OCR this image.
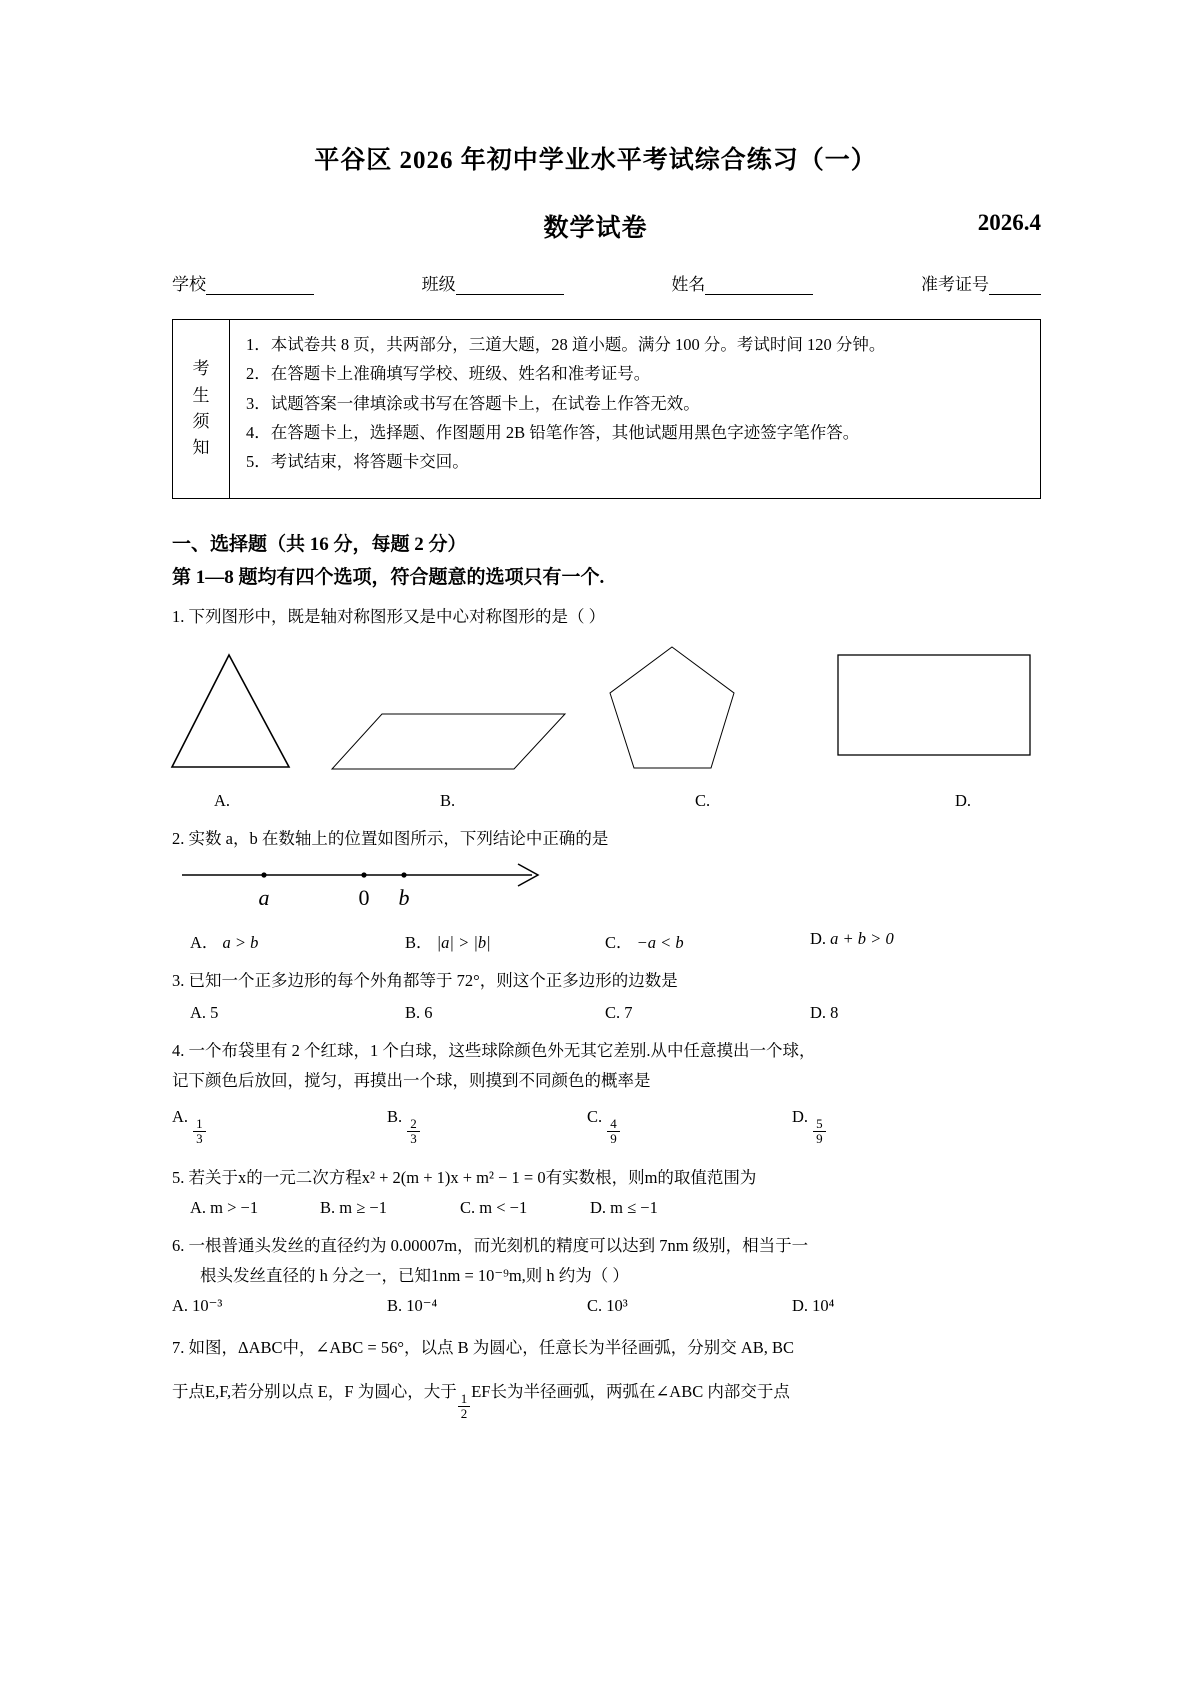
平谷区 2026 年初中学业水平考试综合练习（一）
数学试卷	2026.4
学校	班级	姓名	准考证号
考
生
须
知
1．本试卷共 8 页，共两部分，三道大题，28 道小题。满分 100 分。考试时间 120 分钟。
2．在答题卡上准确填写学校、班级、姓名和准考证号。
3．试题答案一律填涂或书写在答题卡上，在试卷上作答无效。
4．在答题卡上，选择题、作图题用 2B 铅笔作答，其他试题用黑色字迹签字笔作答。
5．考试结束，将答题卡交回。
一、选择题（共 16 分，每题 2 分）
第 1—8 题均有四个选项，符合题意的选项只有一个.
1. 下列图形中，既是轴对称图形又是中心对称图形的是（ ）
A.	B.	C.	D.
2. 实数 a，b 在数轴上的位置如图所示，下列结论中正确的是
a	0 b
A． a > b	B． |a| > |b|	C． −a < b	D. a + b > 0
3. 已知一个正多边形的每个外角都等于 72°，则这个正多边形的边数是
A. 5	B. 6	C. 7	D. 8
4. 一个布袋里有 2 个红球，1 个白球，这些球除颜色外无其它差别.从中任意摸出一个球，
记下颜色后放回，搅匀，再摸出一个球，则摸到不同颜色的概率是
A.
$\frac{1}{3}$
B.
$\frac{2}{3}$
C.
$\frac{4}{9}$
D.
$\frac{5}{9}$
5. 若关于x的一元二次方程x² + 2(m + 1)x + m² − 1 = 0有实数根，则m的取值范围为
A. m > −1	B. m ≥ −1	C. m < −1	D. m ≤ −1
6. 一根普通头发丝的直径约为 0.00007m，而光刻机的精度可以达到 7nm 级别，相当于一
根头发丝直径的 h 分之一，已知1nm = 10⁻⁹m,则 h 约为（ ）
A. 10⁻³	B. 10⁻⁴	C. 10³	D. 10⁴
7. 如图，ΔABC中，∠ABC = 56°，以点 B 为圆心，任意长为半径画弧，分别交 AB, BC
于点E,F,若分别以点 E，F 为圆心，大于
$\frac{1}{2}$
EF长为半径画弧，两弧在∠ABC 内部交于点
